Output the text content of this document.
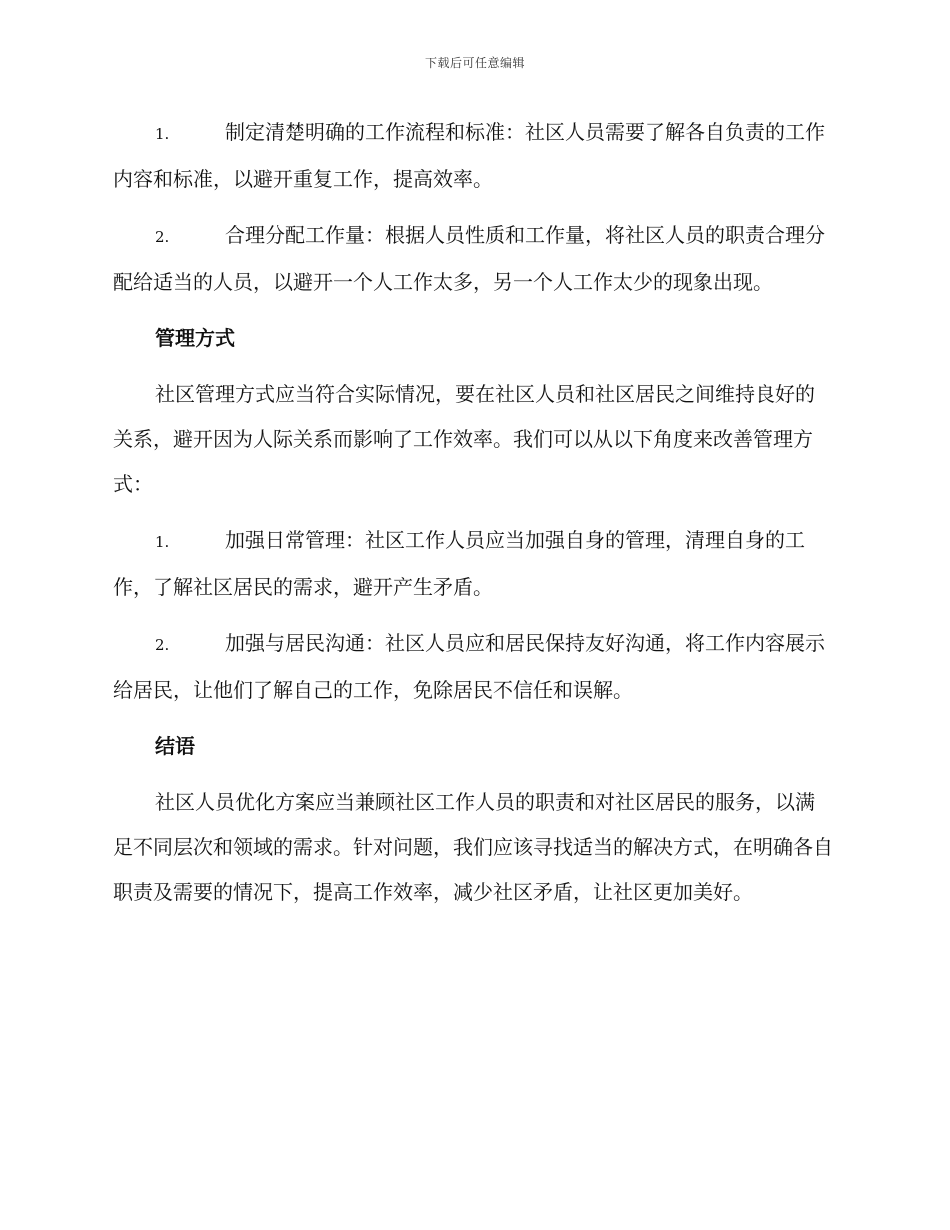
下载后可任意编辑

1.	制定清楚明确的工作流程和标准：社区人员需要了解各自负责的工作内容和标准，以避开重复工作，提高效率。

2.	合理分配工作量：根据人员性质和工作量，将社区人员的职责合理分配给适当的人员，以避开一个人工作太多，另一个人工作太少的现象出现。

管理方式

社区管理方式应当符合实际情况，要在社区人员和社区居民之间维持良好的关系，避开因为人际关系而影响了工作效率。我们可以从以下角度来改善管理方式：

1.	加强日常管理：社区工作人员应当加强自身的管理，清理自身的工作，了解社区居民的需求，避开产生矛盾。

2.	加强与居民沟通：社区人员应和居民保持友好沟通，将工作内容展示给居民，让他们了解自己的工作，免除居民不信任和误解。

结语

社区人员优化方案应当兼顾社区工作人员的职责和对社区居民的服务，以满足不同层次和领域的需求。针对问题，我们应该寻找适当的解决方式，在明确各自职责及需要的情况下，提高工作效率，减少社区矛盾，让社区更加美好。
